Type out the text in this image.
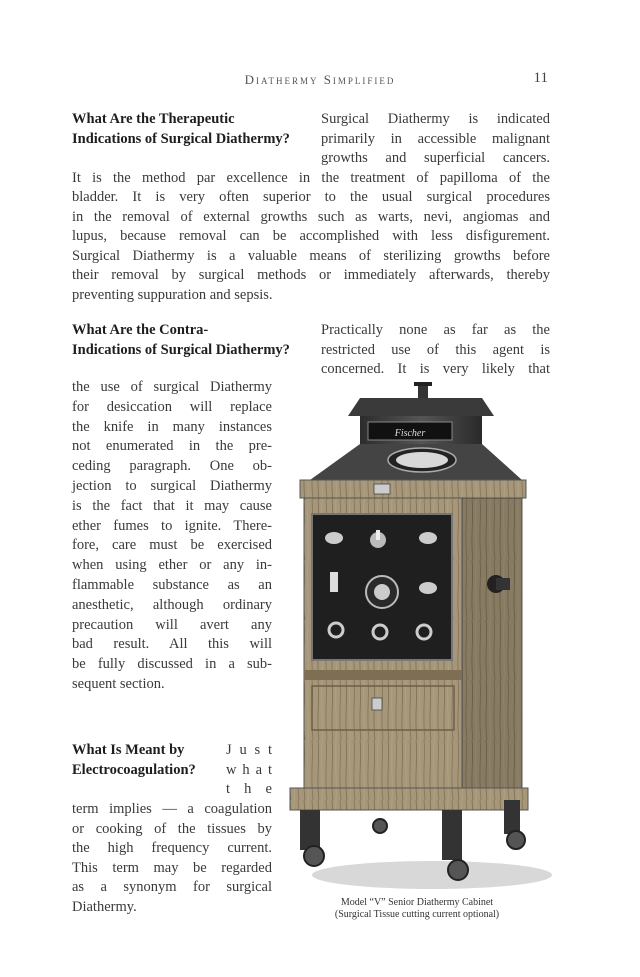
Diathermy Simplified	11
What Are the Therapeutic
Indications of Surgical Diathermy?
Surgical Diathermy is indicated
primarily in accessible malignant
growths and superficial cancers.
It is the method par excellence in the treatment of papilloma of the
bladder. It is very often superior to the usual surgical procedures
in the removal of external growths such as warts, nevi, angiomas and
lupus, because removal can be accomplished with less disfigurement.
Surgical Diathermy is a valuable means of sterilizing growths before
their removal by surgical methods or immediately afterwards, thereby
preventing suppuration and sepsis.
What Are the Contra-
Indications of Surgical Diathermy?
Practically none as far as the
restricted use of this agent is
concerned. It is very likely that
the use of surgical Diathermy
for desiccation will replace
the knife in many instances
not enumerated in the pre-
ceding paragraph. One ob-
jection to surgical Diathermy
is the fact that it may cause
ether fumes to ignite. There-
fore, care must be exercised
when using ether or any in-
flammable substance as an
anesthetic, although ordinary
precaution will avert any
bad result. All this will
be fully discussed in a sub-
sequent section.
What Is Meant by
Electrocoagulation?
J u s t
w h a t
t h e
term implies — a coagulation
or cooking of the tissues by
the high frequency current.
This term may be regarded
as a synonym for surgical
Diathermy.
Fischer
Model “V” Senior Diathermy Cabinet
(Surgical Tissue cutting current optional)
